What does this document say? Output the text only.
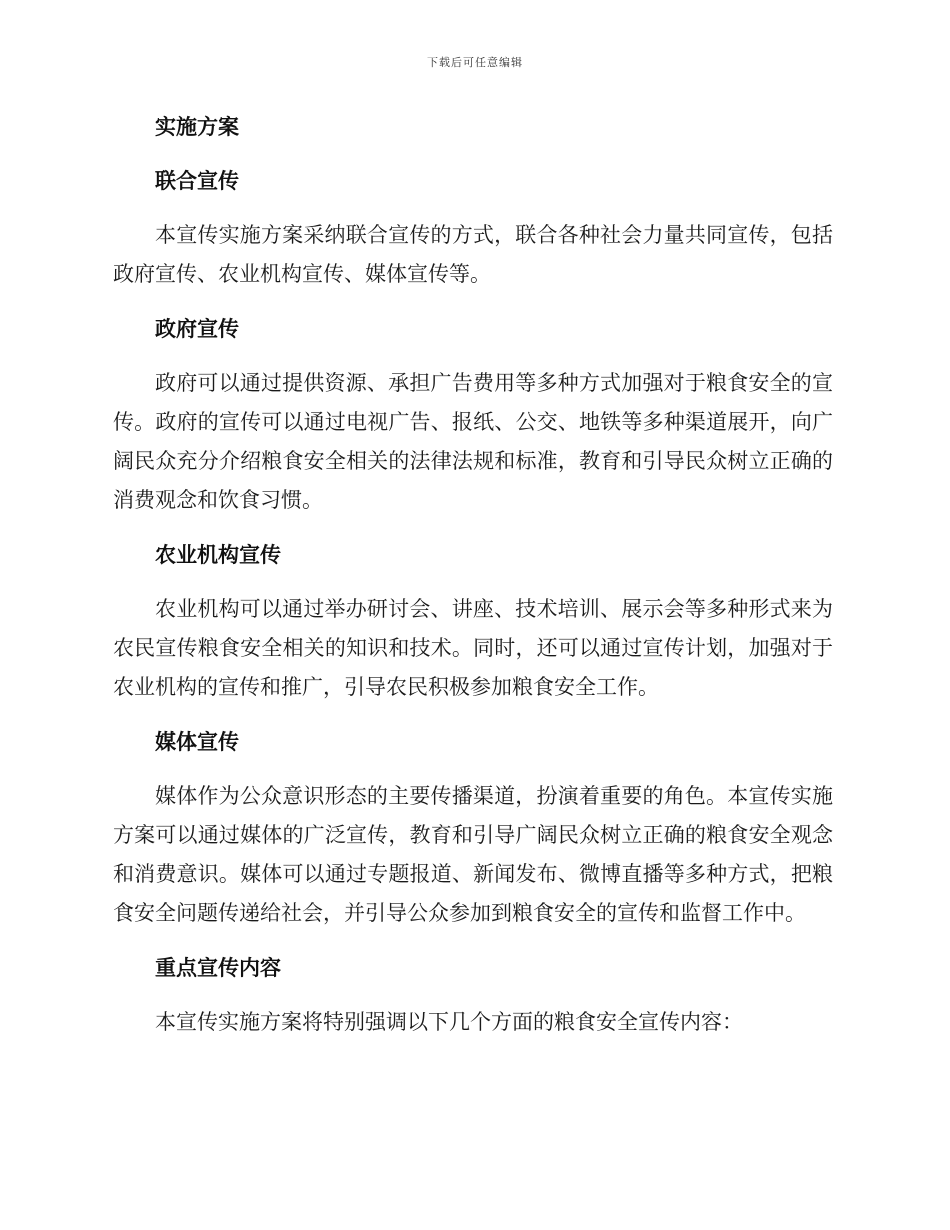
下载后可任意编辑
实施方案
联合宣传

本宣传实施方案采纳联合宣传的方式，联合各种社会力量共同宣传，包括政府宣传、农业机构宣传、媒体宣传等。

政府宣传

政府可以通过提供资源、承担广告费用等多种方式加强对于粮食安全的宣传。政府的宣传可以通过电视广告、报纸、公交、地铁等多种渠道展开，向广阔民众充分介绍粮食安全相关的法律法规和标准，教育和引导民众树立正确的消费观念和饮食习惯。

农业机构宣传

农业机构可以通过举办研讨会、讲座、技术培训、展示会等多种形式来为农民宣传粮食安全相关的知识和技术。同时，还可以通过宣传计划，加强对于农业机构的宣传和推广，引导农民积极参加粮食安全工作。

媒体宣传

媒体作为公众意识形态的主要传播渠道，扮演着重要的角色。本宣传实施方案可以通过媒体的广泛宣传，教育和引导广阔民众树立正确的粮食安全观念和消费意识。媒体可以通过专题报道、新闻发布、微博直播等多种方式，把粮食安全问题传递给社会，并引导公众参加到粮食安全的宣传和监督工作中。

重点宣传内容

本宣传实施方案将特别强调以下几个方面的粮食安全宣传内容：
